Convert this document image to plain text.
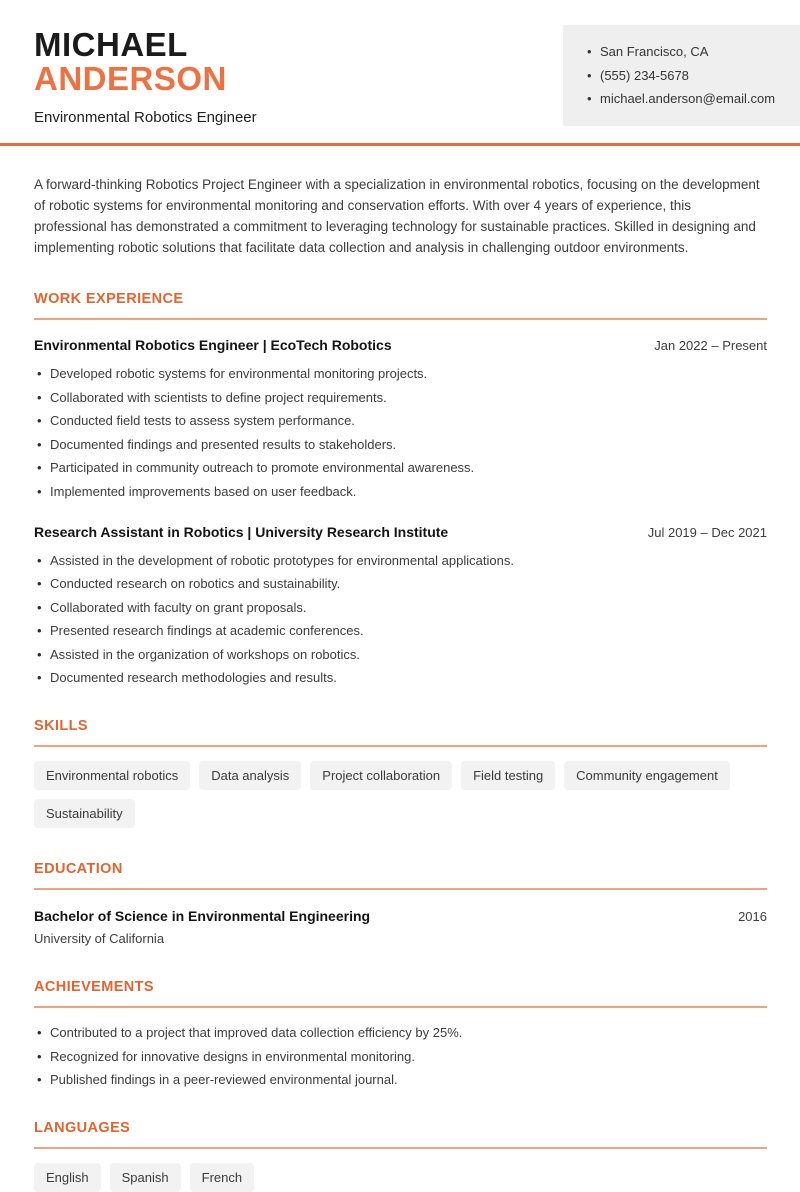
MICHAEL
ANDERSON
Environmental Robotics Engineer
• San Francisco, CA
• (555) 234-5678
• michael.anderson@email.com

A forward-thinking Robotics Project Engineer with a specialization in environmental robotics, focusing on the development of robotic systems for environmental monitoring and conservation efforts. With over 4 years of experience, this professional has demonstrated a commitment to leveraging technology for sustainable practices. Skilled in designing and implementing robotic solutions that facilitate data collection and analysis in challenging outdoor environments.

WORK EXPERIENCE
Environmental Robotics Engineer | EcoTech Robotics	Jan 2022 – Present
• Developed robotic systems for environmental monitoring projects.
• Collaborated with scientists to define project requirements.
• Conducted field tests to assess system performance.
• Documented findings and presented results to stakeholders.
• Participated in community outreach to promote environmental awareness.
• Implemented improvements based on user feedback.
Research Assistant in Robotics | University Research Institute	Jul 2019 – Dec 2021
• Assisted in the development of robotic prototypes for environmental applications.
• Conducted research on robotics and sustainability.
• Collaborated with faculty on grant proposals.
• Presented research findings at academic conferences.
• Assisted in the organization of workshops on robotics.
• Documented research methodologies and results.
SKILLS
Environmental robotics	Data analysis	Project collaboration	Field testing	Community engagement
Sustainability
EDUCATION
Bachelor of Science in Environmental Engineering	2016
University of California
ACHIEVEMENTS
• Contributed to a project that improved data collection efficiency by 25%.
• Recognized for innovative designs in environmental monitoring.
• Published findings in a peer-reviewed environmental journal.
LANGUAGES
English	Spanish	French
